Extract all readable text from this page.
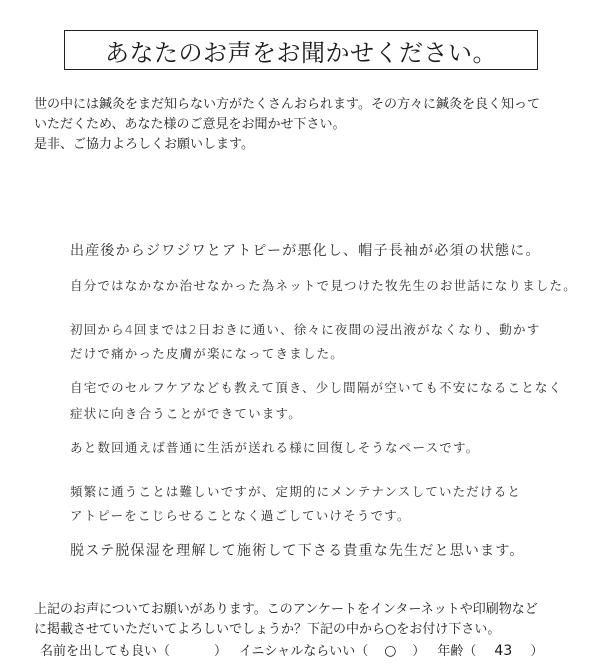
あなたのお声をお聞かせください。
世の中には鍼灸をまだ知らない方がたくさんおられます。その方々に鍼灸を良く知って
いただくため、あなた様のご意見をお聞かせ下さい。
是非、ご協力よろしくお願いします。
出産後からジワジワとアトピーが悪化し、帽子長袖が必須の状態に。
自分ではなかなか治せなかった為ネットで見つけた牧先生のお世話になりました。
初回から4回までは2日おきに通い、徐々に夜間の浸出液がなくなり、動かす
だけで痛かった皮膚が楽になってきました。
自宅でのセルフケアなども教えて頂き、少し間隔が空いても不安になることなく
症状に向き合うことができています。
あと数回通えば普通に生活が送れる様に回復しそうなペースです。
頻繁に通うことは難しいですが、定期的にメンテナンスしていただけると
アトピーをこじらせることなく過ごしていけそうです。
脱ステ脱保湿を理解して施術して下さる貴重な先生だと思います。
上記のお声についてお願いがあります。このアンケートをインターネットや印刷物など
に掲載させていただいてよろしいでしょうか？下記の中から○をお付け下さい。
名前を出しても良い （	） イニシャルならいい （ ○ ） 年齢 （ 43 ）
